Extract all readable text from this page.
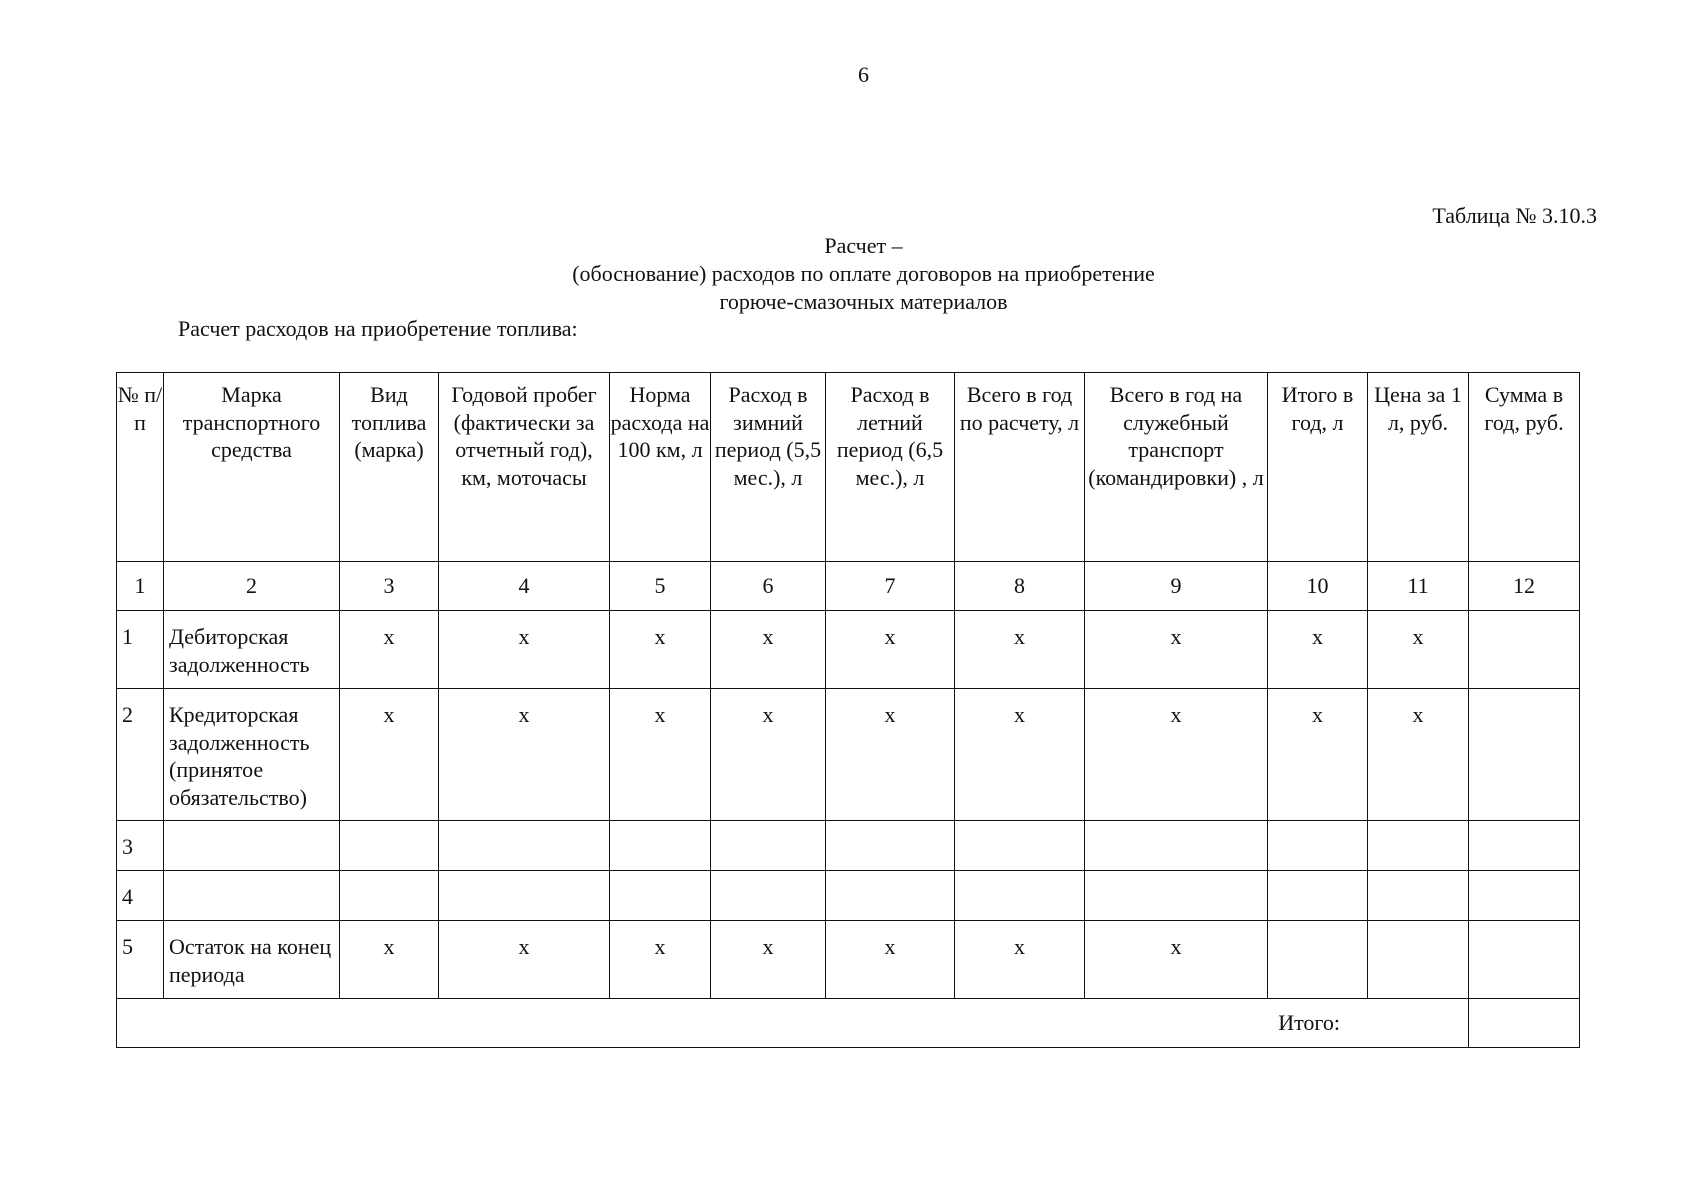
6
Таблица № 3.10.3
Расчет –
(обоснование) расходов по оплате договоров на приобретение
горюче-смазочных материалов
Расчет расходов на приобретение топлива:
№ п/п	Марка транспортного средства	Вид топлива (марка)	Годовой пробег (фактически за отчетный год), км, моточасы	Норма расхода на 100 км, л	Расход в зимний период (5,5 мес.), л	Расход в летний период (6,5 мес.), л	Всего в год по расчету, л	Всего в год на служебный транспорт (командировки) , л	Итого в год, л	Цена за 1 л, руб.	Сумма в год, руб.
1	2	3	4	5	6	7	8	9	10	11	12
1	Дебиторская задолженность	x	x	x	x	x	x	x	x	x	
2	Кредиторская задолженность (принятое обязательство)	x	x	x	x	x	x	x	x	x	
3											
4											
5	Остаток на конец периода	x	x	x	x	x	x	x			
Итого:											
